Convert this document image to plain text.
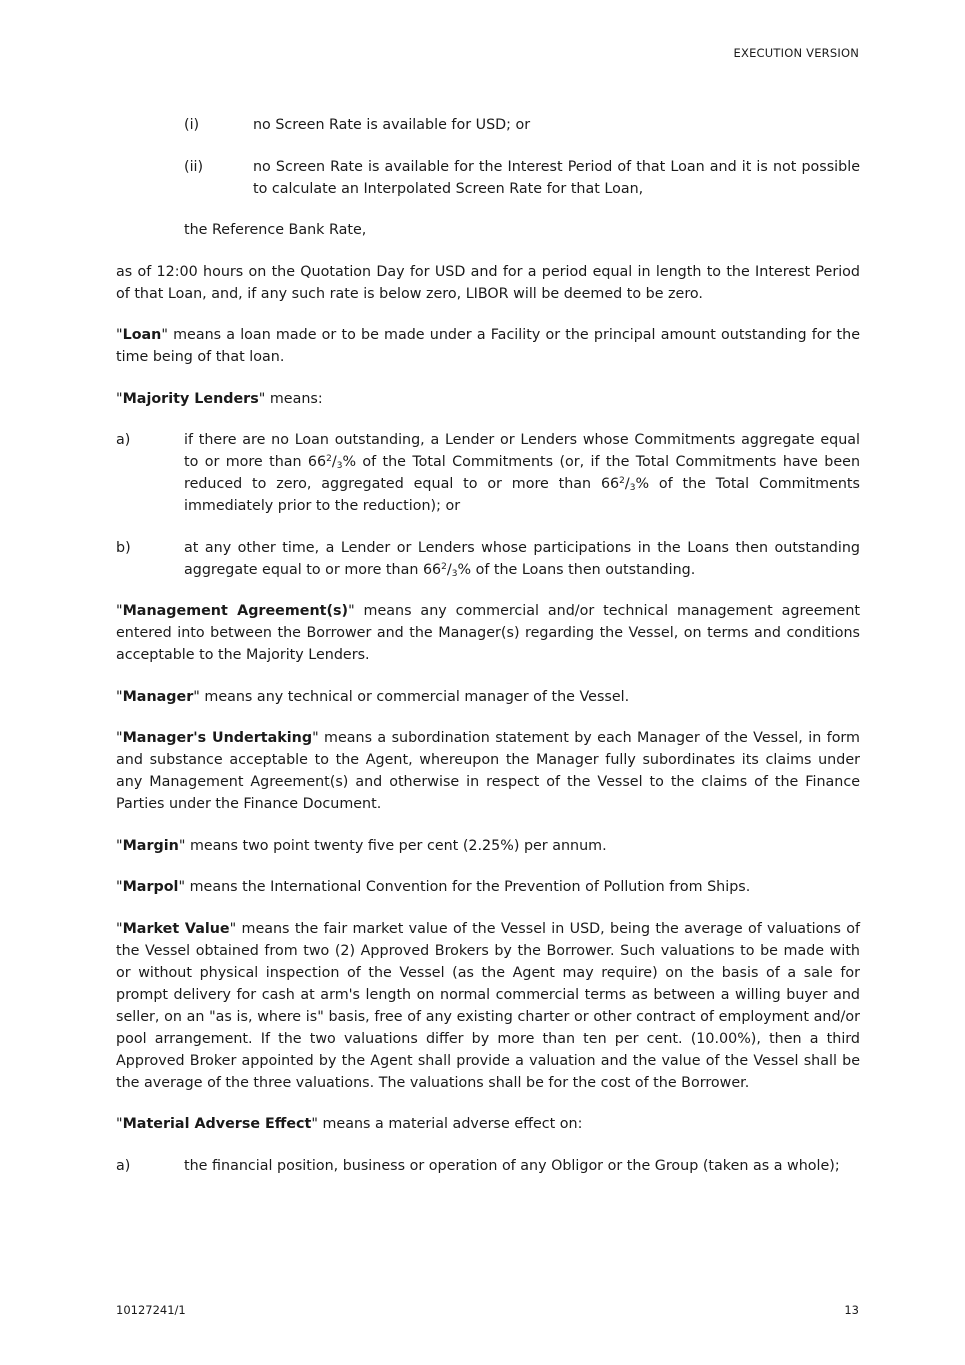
EXECUTION VERSION
(i)	no Screen Rate is available for USD; or
(ii)	no Screen Rate is available for the Interest Period of that Loan and it is not possible to calculate an Interpolated Screen Rate for that Loan,

the Reference Bank Rate,

as of 12:00 hours on the Quotation Day for USD and for a period equal in length to the Interest Period of that Loan, and, if any such rate is below zero, LIBOR will be deemed to be zero.

"Loan" means a loan made or to be made under a Facility or the principal amount outstanding for the time being of that loan.

"Majority Lenders" means:

a)	if there are no Loan outstanding, a Lender or Lenders whose Commitments aggregate equal to or more than $66^2/_3\%$ of the Total Commitments (or, if the Total Commitments have been reduced to zero, aggregated equal to or more than $66^2/_3\%$ of the Total Commitments immediately prior to the reduction); or
b)	at any other time, a Lender or Lenders whose participations in the Loans then outstanding aggregate equal to or more than $66^2/_3\%$ of the Loans then outstanding.

"Management Agreement(s)" means any commercial and/or technical management agreement entered into between the Borrower and the Manager(s) regarding the Vessel, on terms and conditions acceptable to the Majority Lenders.

"Manager" means any technical or commercial manager of the Vessel.

"Manager's Undertaking" means a subordination statement by each Manager of the Vessel, in form and substance acceptable to the Agent, whereupon the Manager fully subordinates its claims under any Management Agreement(s) and otherwise in respect of the Vessel to the claims of the Finance Parties under the Finance Document.

"Margin" means two point twenty five per cent (2.25%) per annum.

"Marpol" means the International Convention for the Prevention of Pollution from Ships.

"Market Value" means the fair market value of the Vessel in USD, being the average of valuations of the Vessel obtained from two (2) Approved Brokers by the Borrower. Such valuations to be made with or without physical inspection of the Vessel (as the Agent may require) on the basis of a sale for prompt delivery for cash at arm's length on normal commercial terms as between a willing buyer and seller, on an "as is, where is" basis, free of any existing charter or other contract of employment and/or pool arrangement. If the two valuations differ by more than ten per cent. (10.00%), then a third Approved Broker appointed by the Agent shall provide a valuation and the value of the Vessel shall be the average of the three valuations. The valuations shall be for the cost of the Borrower.

"Material Adverse Effect" means a material adverse effect on:

a)	the financial position, business or operation of any Obligor or the Group (taken as a whole);
10127241/1	13
